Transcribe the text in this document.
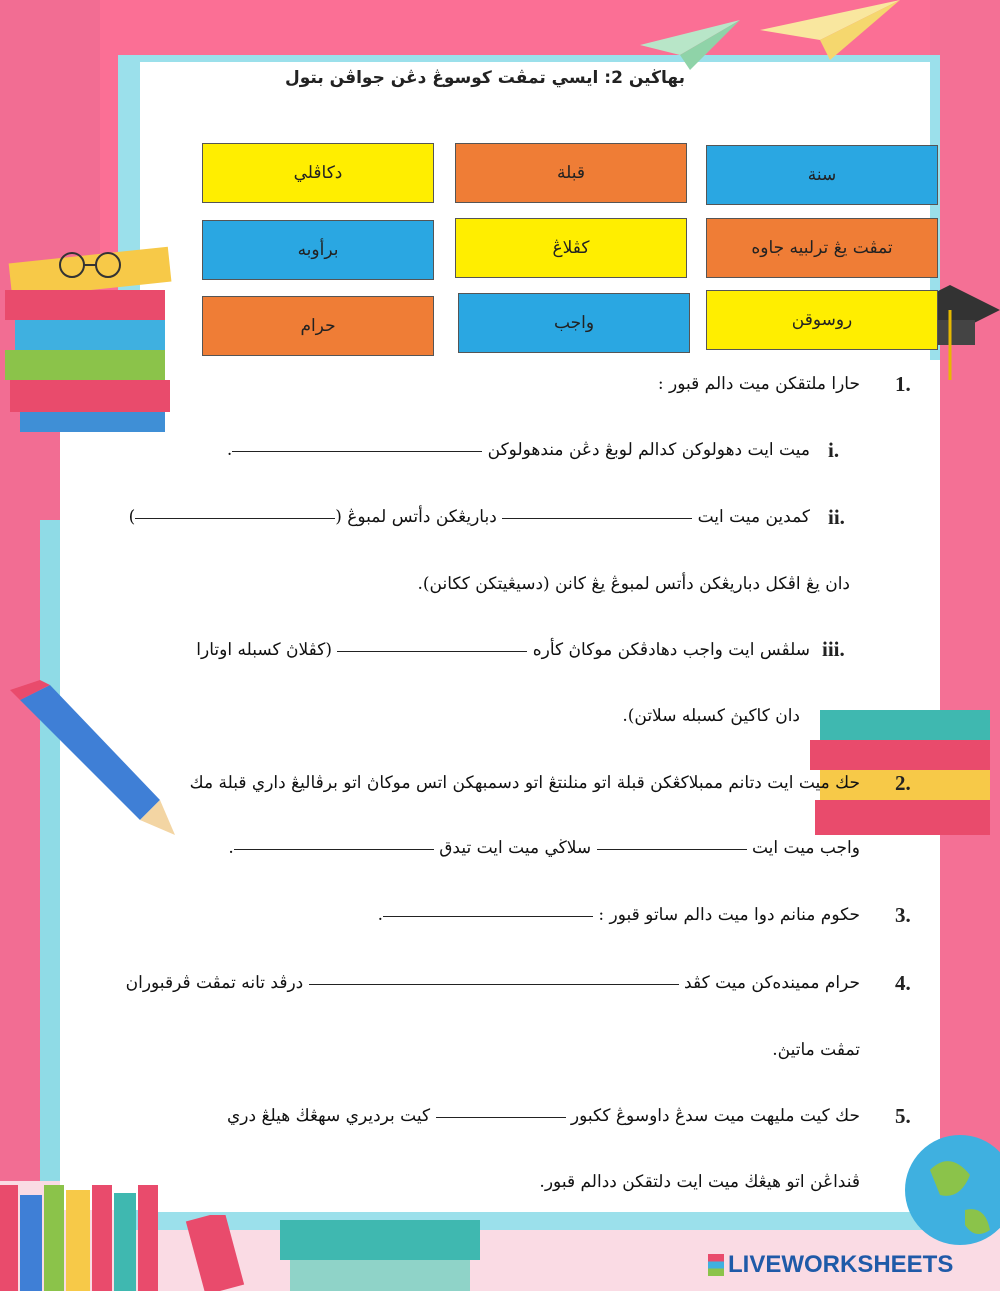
بهاڬين 2: ايسي تمڤت كوسوڠ دڠن جواڤن بتول
سنة
قبلة
دكاڤلي
تمڤت يڠ ترلبيه جاوه
كڤلاڠ
برأوبه
روسوقن
واجب
حرام
1.
حارا ملتقكن ميت دالم قبور :
i.
ميت ايت دهولوكن كدالم لوبڠ دڠن مندهولوكن .
ii.
كمدين ميت ايت  دباريڠكن دأتس لمبوڠ ()
دان يڠ اڤكل دباريڠكن دأتس لمبوڠ يڠ كانن (دسيڠيتكن ككانن).
iii.
سلڤس ايت واجب دهادڤكن موكاڽ كأره  (كڤلاڽ كسبله اوتارا
دان كاكيڽ كسبله سلاتن).
2.
حك ميت ايت دتانم ممبلاكڠكن قبلة اتو منلنتڠ اتو دسمبهكن اتس موكاڽ اتو برڤاليڠ داري قبلة مك
واجب ميت ايت  سلاڬي ميت ايت تيدق .
3.
حكوم منانم دوا ميت دالم ساتو قبور : .
4.
حرام ممينده‌كن ميت كڤد  درڤد تانه تمڤت ڤرقبوران
تمڤت ماتيڽ.
5.
حك كيت مليهت ميت سدڠ داوسوڠ ككبور  كيت برديري سهڠڬ هيلڠ دري
ڤنداڠن اتو هيڠڬ ميت ايت دلتقكن ددالم قبور.
LIVEWORKSHEETS
